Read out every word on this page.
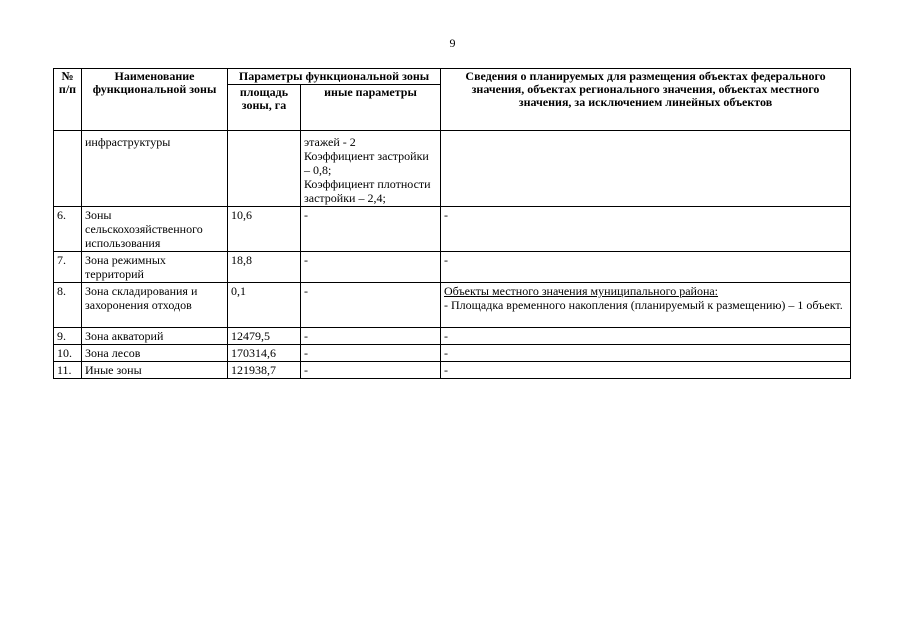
9
№ п/п	Наименование функциональной зоны	Параметры функциональной зоны		Сведения о планируемых для размещения объектах федерального значения, объектах регионального значения, объектах местного значения, за исключением линейных объектов
		площадь зоны, га	иные параметры	
	инфраструктуры		этажей - 2
Коэффициент застройки – 0,8;
Коэффициент плотности застройки – 2,4;	

6.	Зоны сельскохозяйственного использования	10,6	-	-
7.	Зона режимных территорий	18,8	-	-
8.	Зона складирования и захоронения отходов	0,1	-	Объекты местного значения муниципального района:
- Площадка временного накопления (планируемый к размещению) – 1 объект.

9.	Зона акваторий	12479,5	-	-
10.	Зона лесов	170314,6	-	-
11.	Иные зоны	121938,7	-	-
